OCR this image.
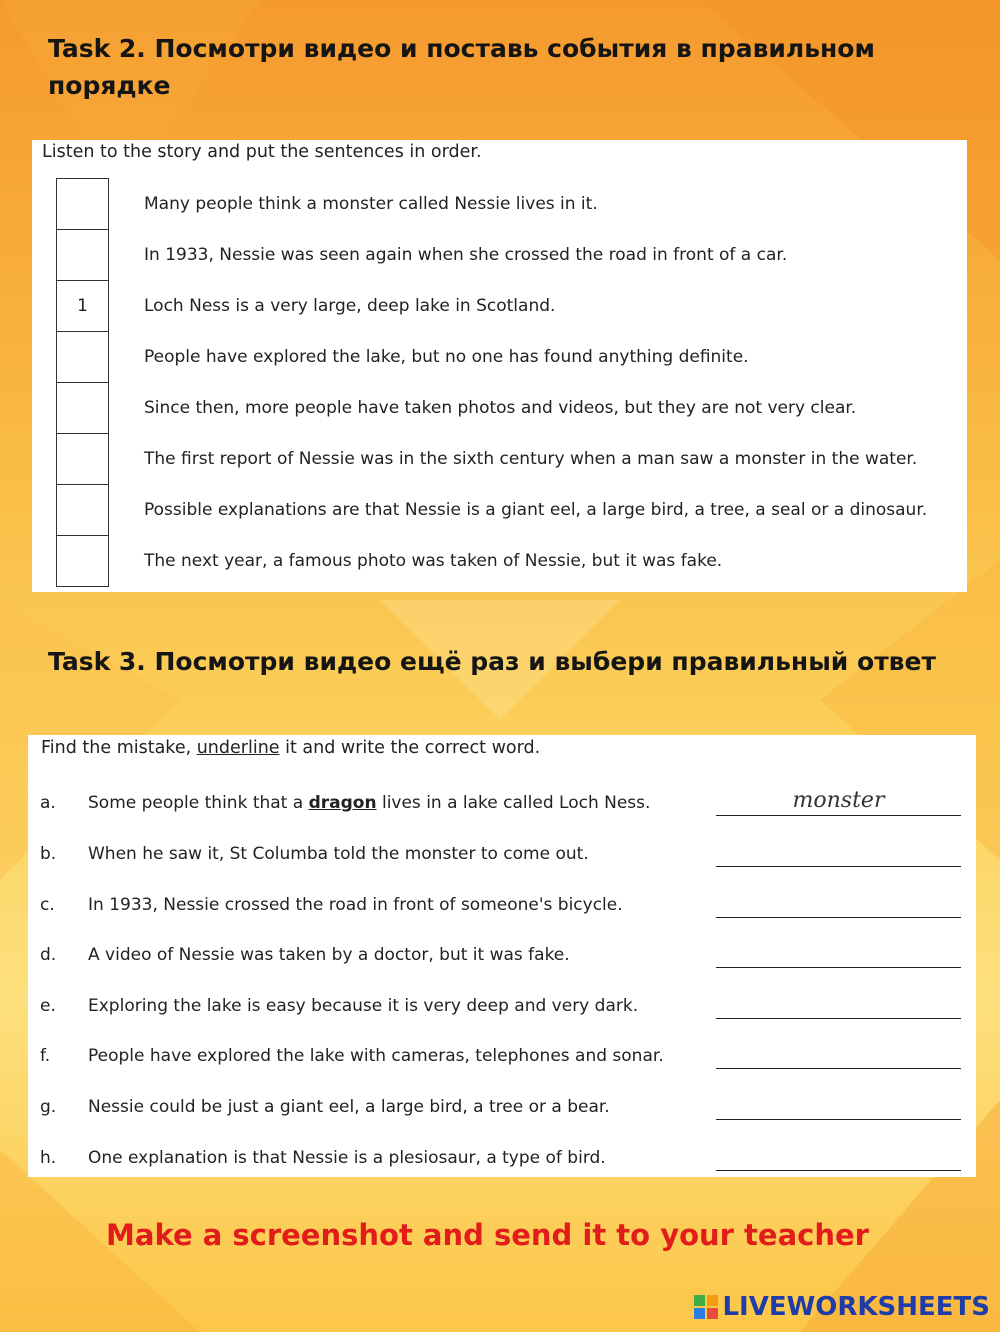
Task 2. Посмотри видео и поставь события в правильном порядке
Listen to the story and put the sentences in order.
	Many people think a monster called Nessie lives in it.
	In 1933, Nessie was seen again when she crossed the road in front of a car.
1	Loch Ness is a very large, deep lake in Scotland.
	People have explored the lake, but no one has found anything definite.
	Since then, more people have taken photos and videos, but they are not very clear.
	The first report of Nessie was in the sixth century when a man saw a monster in the water.
	Possible explanations are that Nessie is a giant eel, a large bird, a tree, a seal or a dinosaur.
	The next year, a famous photo was taken of Nessie, but it was fake.
Task 3. Посмотри видео ещё раз и выбери правильный ответ
Find the mistake, underline it and write the correct word.
a. Some people think that a dragon lives in a lake called Loch Ness.	monster
b. When he saw it, St Columba told the monster to come out.
c. In 1933, Nessie crossed the road in front of someone's bicycle.
d. A video of Nessie was taken by a doctor, but it was fake.
e. Exploring the lake is easy because it is very deep and very dark.
f. People have explored the lake with cameras, telephones and sonar.
g. Nessie could be just a giant eel, a large bird, a tree or a bear.
h. One explanation is that Nessie is a plesiosaur, a type of bird.
Make a screenshot and send it to your teacher
LIVEWORKSHEETS
